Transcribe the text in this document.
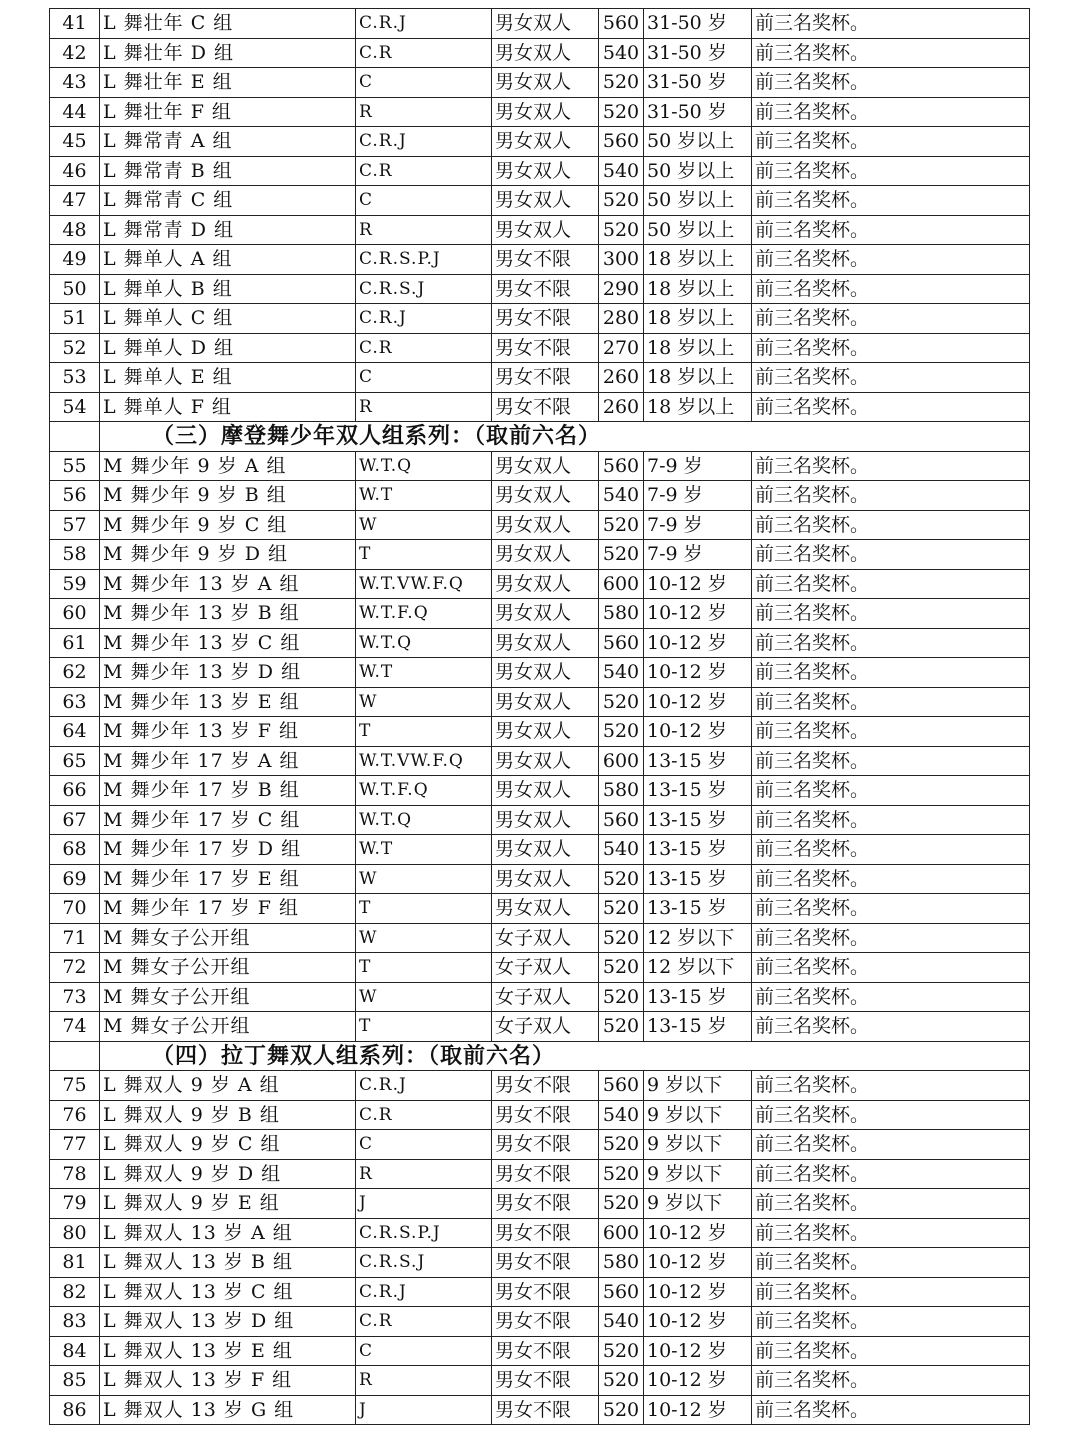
41	L 舞壮年 C 组	C.R.J	男女双人	560	31-50 岁	前三名奖杯。
42	L 舞壮年 D 组	C.R	男女双人	540	31-50 岁	前三名奖杯。
43	L 舞壮年 E 组	C	男女双人	520	31-50 岁	前三名奖杯。
44	L 舞壮年 F 组	R	男女双人	520	31-50 岁	前三名奖杯。
45	L 舞常青 A 组	C.R.J	男女双人	560	50 岁以上	前三名奖杯。
46	L 舞常青 B 组	C.R	男女双人	540	50 岁以上	前三名奖杯。
47	L 舞常青 C 组	C	男女双人	520	50 岁以上	前三名奖杯。
48	L 舞常青 D 组	R	男女双人	520	50 岁以上	前三名奖杯。
49	L 舞单人 A 组	C.R.S.P.J	男女不限	300	18 岁以上	前三名奖杯。
50	L 舞单人 B 组	C.R.S.J	男女不限	290	18 岁以上	前三名奖杯。
51	L 舞单人 C 组	C.R.J	男女不限	280	18 岁以上	前三名奖杯。
52	L 舞单人 D 组	C.R	男女不限	270	18 岁以上	前三名奖杯。
53	L 舞单人 E 组	C	男女不限	260	18 岁以上	前三名奖杯。
54	L 舞单人 F 组	R	男女不限	260	18 岁以上	前三名奖杯。
	（三）摩登舞少年双人组系列：（取前六名）					
55	M 舞少年 9 岁 A 组	W.T.Q	男女双人	560	7-9 岁	前三名奖杯。
56	M 舞少年 9 岁 B 组	W.T	男女双人	540	7-9 岁	前三名奖杯。
57	M 舞少年 9 岁 C 组	W	男女双人	520	7-9 岁	前三名奖杯。
58	M 舞少年 9 岁 D 组	T	男女双人	520	7-9 岁	前三名奖杯。
59	M 舞少年 13 岁 A 组	W.T.VW.F.Q	男女双人	600	10-12 岁	前三名奖杯。
60	M 舞少年 13 岁 B 组	W.T.F.Q	男女双人	580	10-12 岁	前三名奖杯。
61	M 舞少年 13 岁 C 组	W.T.Q	男女双人	560	10-12 岁	前三名奖杯。
62	M 舞少年 13 岁 D 组	W.T	男女双人	540	10-12 岁	前三名奖杯。
63	M 舞少年 13 岁 E 组	W	男女双人	520	10-12 岁	前三名奖杯。
64	M 舞少年 13 岁 F 组	T	男女双人	520	10-12 岁	前三名奖杯。
65	M 舞少年 17 岁 A 组	W.T.VW.F.Q	男女双人	600	13-15 岁	前三名奖杯。
66	M 舞少年 17 岁 B 组	W.T.F.Q	男女双人	580	13-15 岁	前三名奖杯。
67	M 舞少年 17 岁 C 组	W.T.Q	男女双人	560	13-15 岁	前三名奖杯。
68	M 舞少年 17 岁 D 组	W.T	男女双人	540	13-15 岁	前三名奖杯。
69	M 舞少年 17 岁 E 组	W	男女双人	520	13-15 岁	前三名奖杯。
70	M 舞少年 17 岁 F 组	T	男女双人	520	13-15 岁	前三名奖杯。
71	M 舞女子公开组	W	女子双人	520	12 岁以下	前三名奖杯。
72	M 舞女子公开组	T	女子双人	520	12 岁以下	前三名奖杯。
73	M 舞女子公开组	W	女子双人	520	13-15 岁	前三名奖杯。
74	M 舞女子公开组	T	女子双人	520	13-15 岁	前三名奖杯。
	（四）拉丁舞双人组系列：（取前六名）					
75	L 舞双人 9 岁 A 组	C.R.J	男女不限	560	9 岁以下	前三名奖杯。
76	L 舞双人 9 岁 B 组	C.R	男女不限	540	9 岁以下	前三名奖杯。
77	L 舞双人 9 岁 C 组	C	男女不限	520	9 岁以下	前三名奖杯。
78	L 舞双人 9 岁 D 组	R	男女不限	520	9 岁以下	前三名奖杯。
79	L 舞双人 9 岁 E 组	J	男女不限	520	9 岁以下	前三名奖杯。
80	L 舞双人 13 岁 A 组	C.R.S.P.J	男女不限	600	10-12 岁	前三名奖杯。
81	L 舞双人 13 岁 B 组	C.R.S.J	男女不限	580	10-12 岁	前三名奖杯。
82	L 舞双人 13 岁 C 组	C.R.J	男女不限	560	10-12 岁	前三名奖杯。
83	L 舞双人 13 岁 D 组	C.R	男女不限	540	10-12 岁	前三名奖杯。
84	L 舞双人 13 岁 E 组	C	男女不限	520	10-12 岁	前三名奖杯。
85	L 舞双人 13 岁 F 组	R	男女不限	520	10-12 岁	前三名奖杯。
86	L 舞双人 13 岁 G 组	J	男女不限	520	10-12 岁	前三名奖杯。
